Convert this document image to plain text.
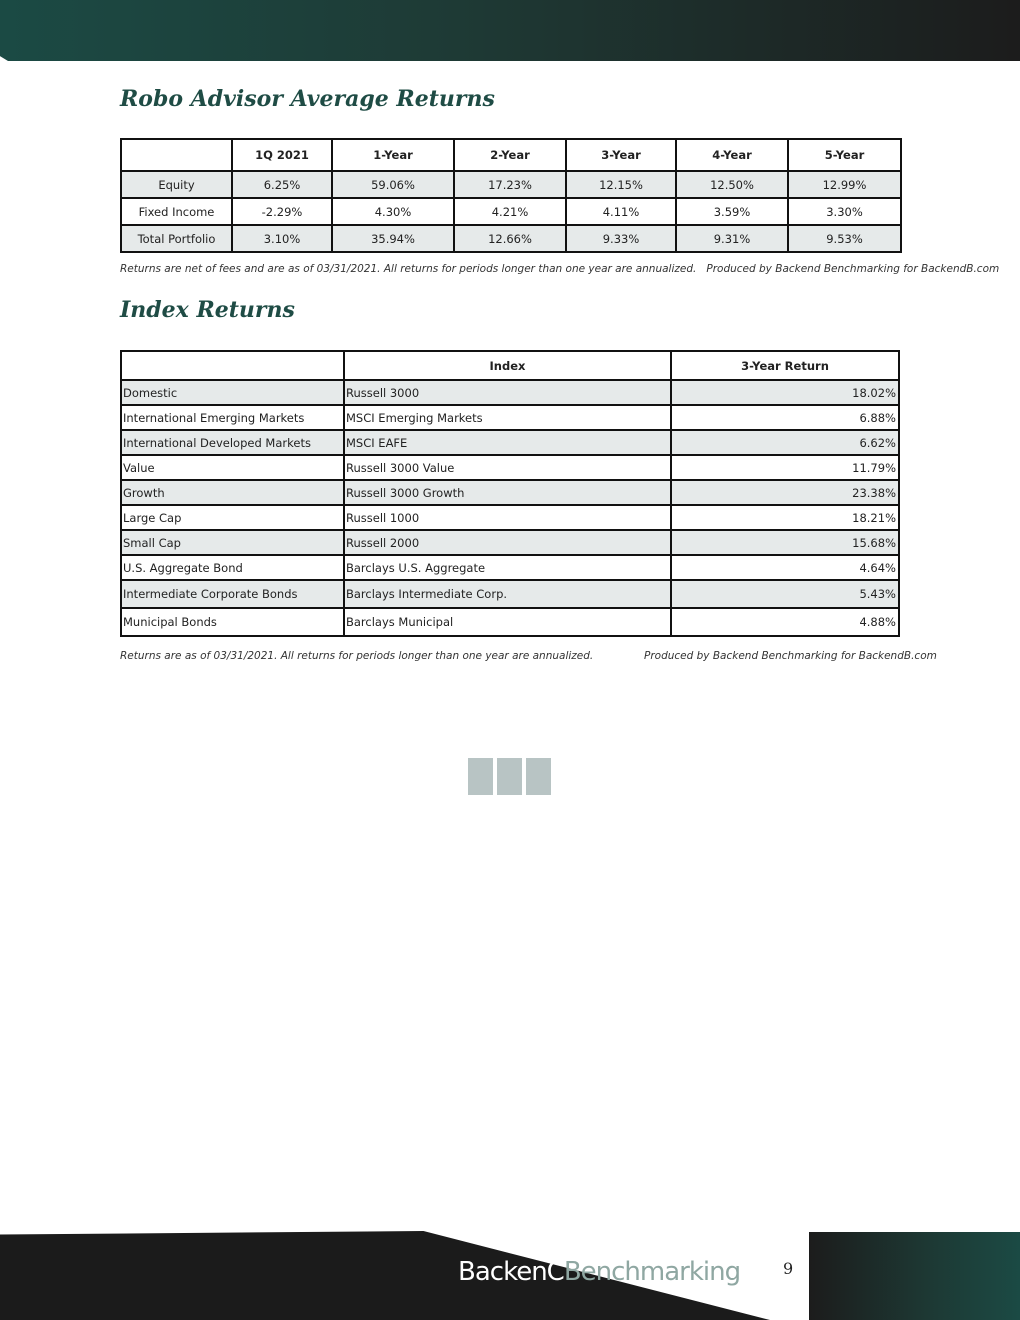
Robo Advisor Average Returns
	1Q 2021	1-Year	2-Year	3-Year	4-Year	5-Year
Equity	6.25%	59.06%	17.23%	12.15%	12.50%	12.99%
Fixed Income	-2.29%	4.30%	4.21%	4.11%	3.59%	3.30%
Total Portfolio	3.10%	35.94%	12.66%	9.33%	9.31%	9.53%

Returns are net of fees and are as of 03/31/2021. All returns for periods longer than one year are annualized. Produced by Backend Benchmarking for BackendB.com

Index Returns
	Index	3-Year Return
Domestic	Russell 3000	18.02%
International Emerging Markets	MSCI Emerging Markets	6.88%
International Developed Markets	MSCI EAFE	6.62%
Value	Russell 3000 Value	11.79%
Growth	Russell 3000 Growth	23.38%
Large Cap	Russell 1000	18.21%
Small Cap	Russell 2000	15.68%
U.S. Aggregate Bond	Barclays U.S. Aggregate	4.64%
Intermediate Corporate Bonds	Barclays Intermediate Corp.	5.43%
Municipal Bonds	Barclays Municipal	4.88%

Returns are as of 03/31/2021. All returns for periods longer than one year are annualized.	Produced by Backend Benchmarking for BackendB.com

BackenCBenchmarking	9
